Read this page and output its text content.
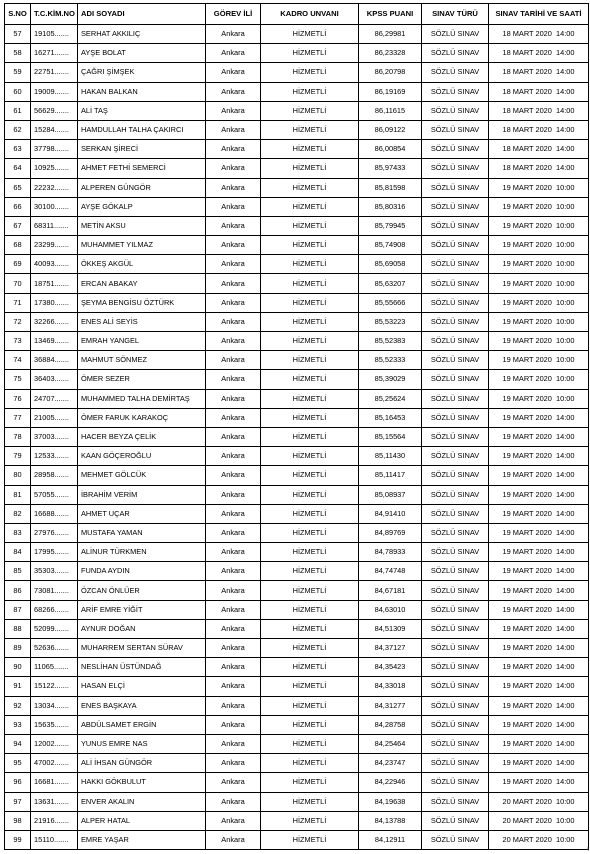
S.NO	T.C.KİM.NO	ADI SOYADI	GÖREV İLİ	KADRO UNVANI	KPSS PUANI	SINAV TÜRÜ	SINAV TARİHİ VE SAATİ
57	19105.......	SERHAT AKKILIÇ	Ankara	HİZMETLİ	86,29981	SÖZLÜ SINAV	18 MART 2020 14:00
58	16271.......	AYŞE BOLAT	Ankara	HİZMETLİ	86,23328	SÖZLÜ SINAV	18 MART 2020 14:00
59	22751.......	ÇAĞRI ŞİMŞEK	Ankara	HİZMETLİ	86,20798	SÖZLÜ SINAV	18 MART 2020 14:00
60	19009.......	HAKAN BALKAN	Ankara	HİZMETLİ	86,19169	SÖZLÜ SINAV	18 MART 2020 14:00
61	56629.......	ALİ TAŞ	Ankara	HİZMETLİ	86,11615	SÖZLÜ SINAV	18 MART 2020 14:00
62	15284.......	HAMDULLAH TALHA ÇAKIRCI	Ankara	HİZMETLİ	86,09122	SÖZLÜ SINAV	18 MART 2020 14:00
63	37798.......	SERKAN ŞİRECİ	Ankara	HİZMETLİ	86,00854	SÖZLÜ SINAV	18 MART 2020 14:00
64	10925.......	AHMET FETHİ SEMERCİ	Ankara	HİZMETLİ	85,97433	SÖZLÜ SINAV	18 MART 2020 14:00
65	22232.......	ALPEREN GÜNGÖR	Ankara	HİZMETLİ	85,81598	SÖZLÜ SINAV	19 MART 2020 10:00
66	30100.......	AYŞE GÖKALP	Ankara	HİZMETLİ	85,80316	SÖZLÜ SINAV	19 MART 2020 10:00
67	68311.......	METİN AKSU	Ankara	HİZMETLİ	85,79945	SÖZLÜ SINAV	19 MART 2020 10:00
68	23299.......	MUHAMMET YILMAZ	Ankara	HİZMETLİ	85,74908	SÖZLÜ SINAV	19 MART 2020 10:00
69	40093.......	ÖKKEŞ AKGÜL	Ankara	HİZMETLİ	85,69058	SÖZLÜ SINAV	19 MART 2020 10:00
70	18751.......	ERCAN ABAKAY	Ankara	HİZMETLİ	85,63207	SÖZLÜ SINAV	19 MART 2020 10:00
71	17380.......	ŞEYMA BENGİSU ÖZTÜRK	Ankara	HİZMETLİ	85,55666	SÖZLÜ SINAV	19 MART 2020 10:00
72	32266.......	ENES ALİ SEYİS	Ankara	HİZMETLİ	85,53223	SÖZLÜ SINAV	19 MART 2020 10:00
73	13469.......	EMRAH YANGEL	Ankara	HİZMETLİ	85,52383	SÖZLÜ SINAV	19 MART 2020 10:00
74	36884.......	MAHMUT SÖNMEZ	Ankara	HİZMETLİ	85,52333	SÖZLÜ SINAV	19 MART 2020 10:00
75	36403.......	ÖMER SEZER	Ankara	HİZMETLİ	85,39029	SÖZLÜ SINAV	19 MART 2020 10:00
76	24707.......	MUHAMMED TALHA DEMİRTAŞ	Ankara	HİZMETLİ	85,25624	SÖZLÜ SINAV	19 MART 2020 10:00
77	21005.......	ÖMER FARUK KARAKOÇ	Ankara	HİZMETLİ	85,16453	SÖZLÜ SINAV	19 MART 2020 14:00
78	37003.......	HACER BEYZA ÇELİK	Ankara	HİZMETLİ	85,15564	SÖZLÜ SINAV	19 MART 2020 14:00
79	12533.......	KAAN GÖÇEROĞLU	Ankara	HİZMETLİ	85,11430	SÖZLÜ SINAV	19 MART 2020 14:00
80	28958.......	MEHMET GÖLCÜK	Ankara	HİZMETLİ	85,11417	SÖZLÜ SINAV	19 MART 2020 14:00
81	57055.......	İBRAHİM VERİM	Ankara	HİZMETLİ	85,08937	SÖZLÜ SINAV	19 MART 2020 14:00
82	16688.......	AHMET UÇAR	Ankara	HİZMETLİ	84,91410	SÖZLÜ SINAV	19 MART 2020 14:00
83	27976.......	MUSTAFA YAMAN	Ankara	HİZMETLİ	84,89769	SÖZLÜ SINAV	19 MART 2020 14:00
84	17995.......	ALİNUR TÜRKMEN	Ankara	HİZMETLİ	84,78933	SÖZLÜ SINAV	19 MART 2020 14:00
85	35303.......	FUNDA AYDIN	Ankara	HİZMETLİ	84,74748	SÖZLÜ SINAV	19 MART 2020 14:00
86	73081.......	ÖZCAN ÖNLÜER	Ankara	HİZMETLİ	84,67181	SÖZLÜ SINAV	19 MART 2020 14:00
87	68266.......	ARİF EMRE YİĞİT	Ankara	HİZMETLİ	84,63010	SÖZLÜ SINAV	19 MART 2020 14:00
88	52099.......	AYNUR DOĞAN	Ankara	HİZMETLİ	84,51309	SÖZLÜ SINAV	19 MART 2020 14:00
89	52636.......	MUHARREM SERTAN SÜRAV	Ankara	HİZMETLİ	84,37127	SÖZLÜ SINAV	19 MART 2020 14:00
90	11065.......	NESLİHAN ÜSTÜNDAĞ	Ankara	HİZMETLİ	84,35423	SÖZLÜ SINAV	19 MART 2020 14:00
91	15122.......	HASAN ELÇİ	Ankara	HİZMETLİ	84,33018	SÖZLÜ SINAV	19 MART 2020 14:00
92	13034.......	ENES BAŞKAYA	Ankara	HİZMETLİ	84,31277	SÖZLÜ SINAV	19 MART 2020 14:00
93	15635.......	ABDÜLSAMET ERGİN	Ankara	HİZMETLİ	84,28758	SÖZLÜ SINAV	19 MART 2020 14:00
94	12002.......	YUNUS EMRE NAS	Ankara	HİZMETLİ	84,25464	SÖZLÜ SINAV	19 MART 2020 14:00
95	47002.......	ALİ İHSAN GÜNGÖR	Ankara	HİZMETLİ	84,23747	SÖZLÜ SINAV	19 MART 2020 14:00
96	16681.......	HAKKI GÖKBULUT	Ankara	HİZMETLİ	84,22946	SÖZLÜ SINAV	19 MART 2020 14:00
97	13631.......	ENVER AKALIN	Ankara	HİZMETLİ	84,19638	SÖZLÜ SINAV	20 MART 2020 10:00
98	21916.......	ALPER HATAL	Ankara	HİZMETLİ	84,13788	SÖZLÜ SINAV	20 MART 2020 10:00
99	15110.......	EMRE YAŞAR	Ankara	HİZMETLİ	84,12911	SÖZLÜ SINAV	20 MART 2020 10:00
4
